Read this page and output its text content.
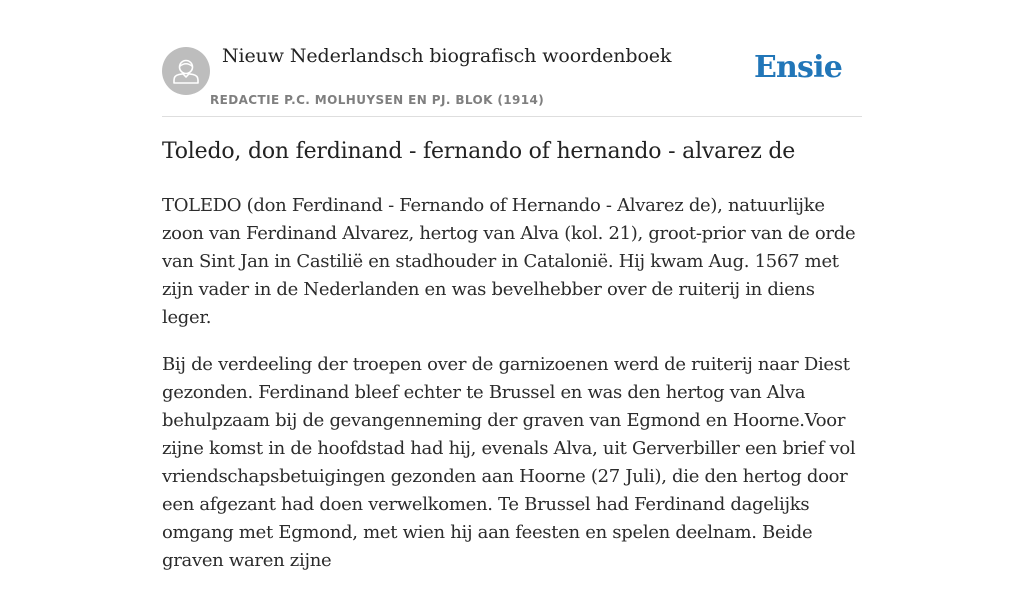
Nieuw Nederlandsch biografisch woordenboek
REDACTIE P.C. MOLHUYSEN EN PJ. BLOK (1914)
Ensie
Toledo, don ferdinand - fernando of hernando - alvarez de

TOLEDO (don Ferdinand - Fernando of Hernando - Alvarez de), natuurlijke zoon van Ferdinand Alvarez, hertog van Alva (kol. 21), groot-prior van de orde van Sint Jan in Castilië en stadhouder in Catalonië. Hij kwam Aug. 1567 met zijn vader in de Nederlanden en was bevelhebber over de ruiterij in diens leger.

Bij de verdeeling der troepen over de garnizoenen werd de ruiterij naar Diest gezonden. Ferdinand bleef echter te Brussel en was den hertog van Alva behulpzaam bij de gevangenneming der graven van Egmond en Hoorne.Voor zijne komst in de hoofdstad had hij, evenals Alva, uit Gerverbiller een brief vol vriendschapsbetuigingen gezonden aan Hoorne (27 Juli), die den hertog door een afgezant had doen verwelkomen. Te Brussel had Ferdinand dagelijks omgang met Egmond, met wien hij aan feesten en spelen deelnam. Beide graven waren zijne
